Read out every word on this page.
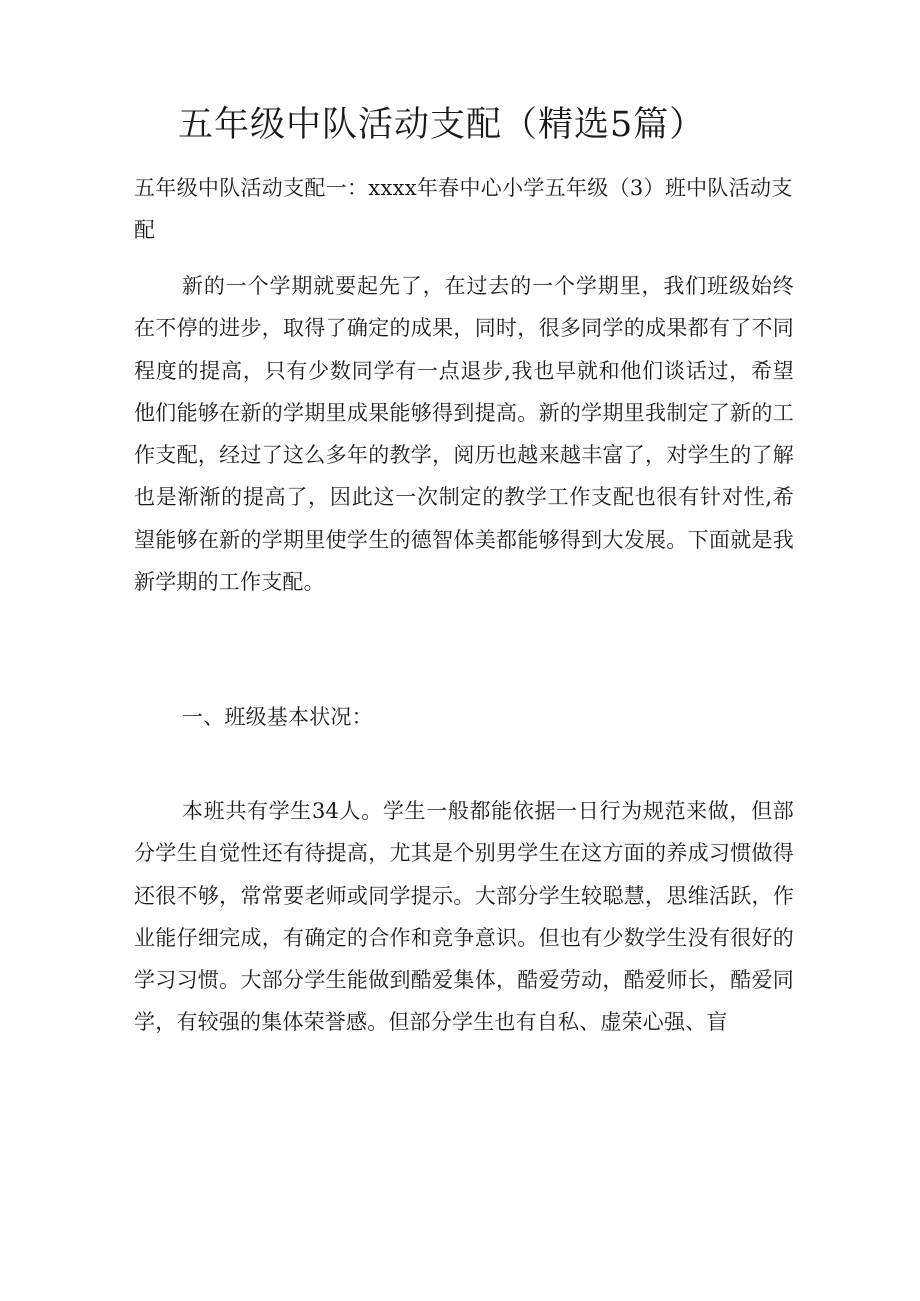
五年级中队活动支配（精选5篇）

五年级中队活动支配一：xxxx年春中心小学五年级（3）班中队活动支配

新的一个学期就要起先了，在过去的一个学期里，我们班级始终在不停的进步，取得了确定的成果，同时，很多同学的成果都有了不同程度的提高，只有少数同学有一点退步,我也早就和他们谈话过，希望他们能够在新的学期里成果能够得到提高。新的学期里我制定了新的工作支配，经过了这么多年的教学，阅历也越来越丰富了，对学生的了解也是渐渐的提高了，因此这一次制定的教学工作支配也很有针对性,希望能够在新的学期里使学生的德智体美都能够得到大发展。下面就是我新学期的工作支配。

一、班级基本状况：

本班共有学生34人。学生一般都能依据一日行为规范来做，但部分学生自觉性还有待提高，尤其是个别男学生在这方面的养成习惯做得还很不够，常常要老师或同学提示。大部分学生较聪慧，思维活跃，作业能仔细完成，有确定的合作和竞争意识。但也有少数学生没有很好的学习习惯。大部分学生能做到酷爱集体，酷爱劳动，酷爱师长，酷爱同学，有较强的集体荣誉感。但部分学生也有自私、虚荣心强、盲
